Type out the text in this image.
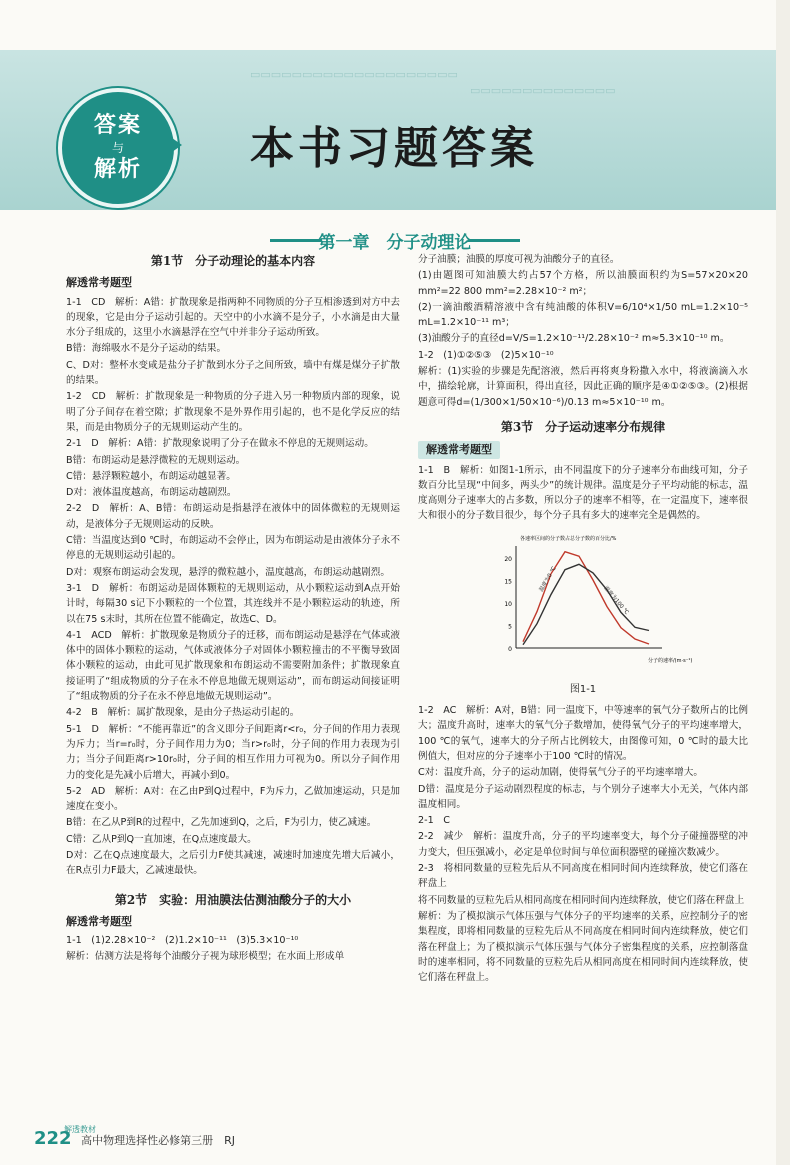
▭▭▭▭▭▭▭▭▭▭▭▭▭▭▭▭▭▭▭▭
▭▭▭▭▭▭▭▭▭▭▭▭▭▭
答案
与
解析 本书习题答案
第一章　分子动理论
第1节　分子动理论的基本内容
解透常考题型
1-1　CD　解析：A错：扩散现象是指两种不同物质的分子互相渗透到对方中去的现象，它是由分子运动引起的。天空中的小水滴不是分子，小水滴是由大量水分子组成的，这里小水滴悬浮在空气中并非分子运动所致。
B错：海绵吸水不是分子运动的结果。
C、D对：整杯水变咸是盐分子扩散到水分子之间所致，墙中有煤是煤分子扩散的结果。
1-2　CD　解析：扩散现象是一种物质的分子进入另一种物质内部的现象，说明了分子间存在着空隙；扩散现象不是外界作用引起的，也不是化学反应的结果，而是由物质分子的无规则运动产生的。
2-1　D　解析：A错：扩散现象说明了分子在做永不停息的无规则运动。
B错：布朗运动是悬浮微粒的无规则运动。
C错：悬浮颗粒越小，布朗运动越显著。
D对：液体温度越高，布朗运动越剧烈。
2-2　D　解析：A、B错：布朗运动是指悬浮在液体中的固体微粒的无规则运动，是液体分子无规则运动的反映。
C错：当温度达到0 ℃时，布朗运动不会停止，因为布朗运动是由液体分子永不停息的无规则运动引起的。
D对：观察布朗运动会发现，悬浮的微粒越小，温度越高，布朗运动越剧烈。
3-1　D　解析：布朗运动是固体颗粒的无规则运动，从小颗粒运动到A点开始计时，每隔30 s记下小颗粒的一个位置，其连线并不是小颗粒运动的轨迹，所以在75 s末时，其所在位置不能确定，故选C、D。
4-1　ACD　解析：扩散现象是物质分子的迁移，而布朗运动是悬浮在气体或液体中的固体小颗粒的运动，气体或液体分子对固体小颗粒撞击的不平衡导致固体小颗粒的运动，由此可见扩散现象和布朗运动不需要附加条件；扩散现象直接证明了“组成物质的分子在永不停息地做无规则运动”，而布朗运动间接证明了“组成物质的分子在永不停息地做无规则运动”。
4-2　B　解析：属扩散现象，是由分子热运动引起的。
5-1　D　解析：“不能再靠近”的含义即分子间距离r<r₀，分子间的作用力表现为斥力；当r=r₀时，分子间作用力为0；当r>r₀时，分子间的作用力表现为引力；当分子间距离r>10r₀时，分子间的相互作用力可视为0。所以分子间作用力的变化是先减小后增大，再减小到0。
5-2　AD　解析：A对：在乙由P到Q过程中，F为斥力，乙做加速运动，只是加速度在变小。
B错：在乙从P到R的过程中，乙先加速到Q，之后，F为引力，使乙减速。
C错：乙从P到Q一直加速，在Q点速度最大。
D对：乙在Q点速度最大，之后引力F使其减速，减速时加速度先增大后减小，在R点引力F最大，乙减速最快。
第2节　实验：用油膜法估测油酸分子的大小
解透常考题型
1-1　(1)2.28×10⁻²　(2)1.2×10⁻¹¹　(3)5.3×10⁻¹⁰
解析：估测方法是将每个油酸分子视为球形模型；在水面上形成单
分子油膜；油膜的厚度可视为油酸分子的直径。
(1)由题图可知油膜大约占57个方格，所以油膜面积约为S=57×20×20 mm²=22 800 mm²=2.28×10⁻² m²；
(2)一滴油酸酒精溶液中含有纯油酸的体积V=6/10⁴×1/50 mL=1.2×10⁻⁵ mL=1.2×10⁻¹¹ m³；
(3)油酸分子的直径d=V/S=1.2×10⁻¹¹/2.28×10⁻² m≈5.3×10⁻¹⁰ m。
1-2　(1)①②⑤③　(2)5×10⁻¹⁰
解析：(1)实验的步骤是先配溶液，然后再将爽身粉撒入水中，将液滴滴入水中，描绘轮廓，计算面积，得出直径，因此正确的顺序是④①②⑤③。(2)根据题意可得d=(1/300×1/50×10⁻⁶)/0.13 m≈5×10⁻¹⁰ m。
第3节　分子运动速率分布规律
解透常考题型
1-1　B　解析：如图1-1所示，由不同温度下的分子速率分布曲线可知，分子数百分比呈现“中间多，两头少”的统计规律。温度是分子平均动能的标志，温度高则分子速率大的占多数，所以分子的速率不相等，在一定温度下，速率很大和很小的分子数目很少，每个分子具有多大的速率完全是偶然的。
0
5
10
15
20
各速率区间的分子数占总分子数的百分比/%
分子的速率/(m·s⁻¹)
温度为0 ℃
温度为100 ℃
图1-1
1-2　AC　解析：A对，B错：同一温度下，中等速率的氧气分子数所占的比例大；温度升高时，速率大的氧气分子数增加，使得氧气分子的平均速率增大，100 ℃的氧气，速率大的分子所占比例较大，由图像可知，0 ℃时的最大比例值大，但对应的分子速率小于100 ℃时的情况。
C对：温度升高，分子的运动加剧，使得氧气分子的平均速率增大。
D错：温度是分子运动剧烈程度的标志，与个别分子速率大小无关，气体内部温度相同。
2-1　C
2-2　减少　解析：温度升高，分子的平均速率变大，每个分子碰撞器壁的冲力变大，但压强减小，必定是单位时间与单位面积器壁的碰撞次数减少。
2-3　将相同数量的豆粒先后从不同高度在相同时间内连续释放，使它们落在秤盘上
将不同数量的豆粒先后从相同高度在相同时间内连续释放，使它们落在秤盘上
解析：为了模拟演示气体压强与气体分子的平均速率的关系，应控制分子的密集程度，即将相同数量的豆粒先后从不同高度在相同时间内连续释放，使它们落在秤盘上；为了模拟演示气体压强与气体分子密集程度的关系，应控制落盘时的速率相同，将不同数量的豆粒先后从相同高度在相同时间内连续释放，使它们落在秤盘上。
解透教材
222 高中物理选择性必修第三册　RJ
